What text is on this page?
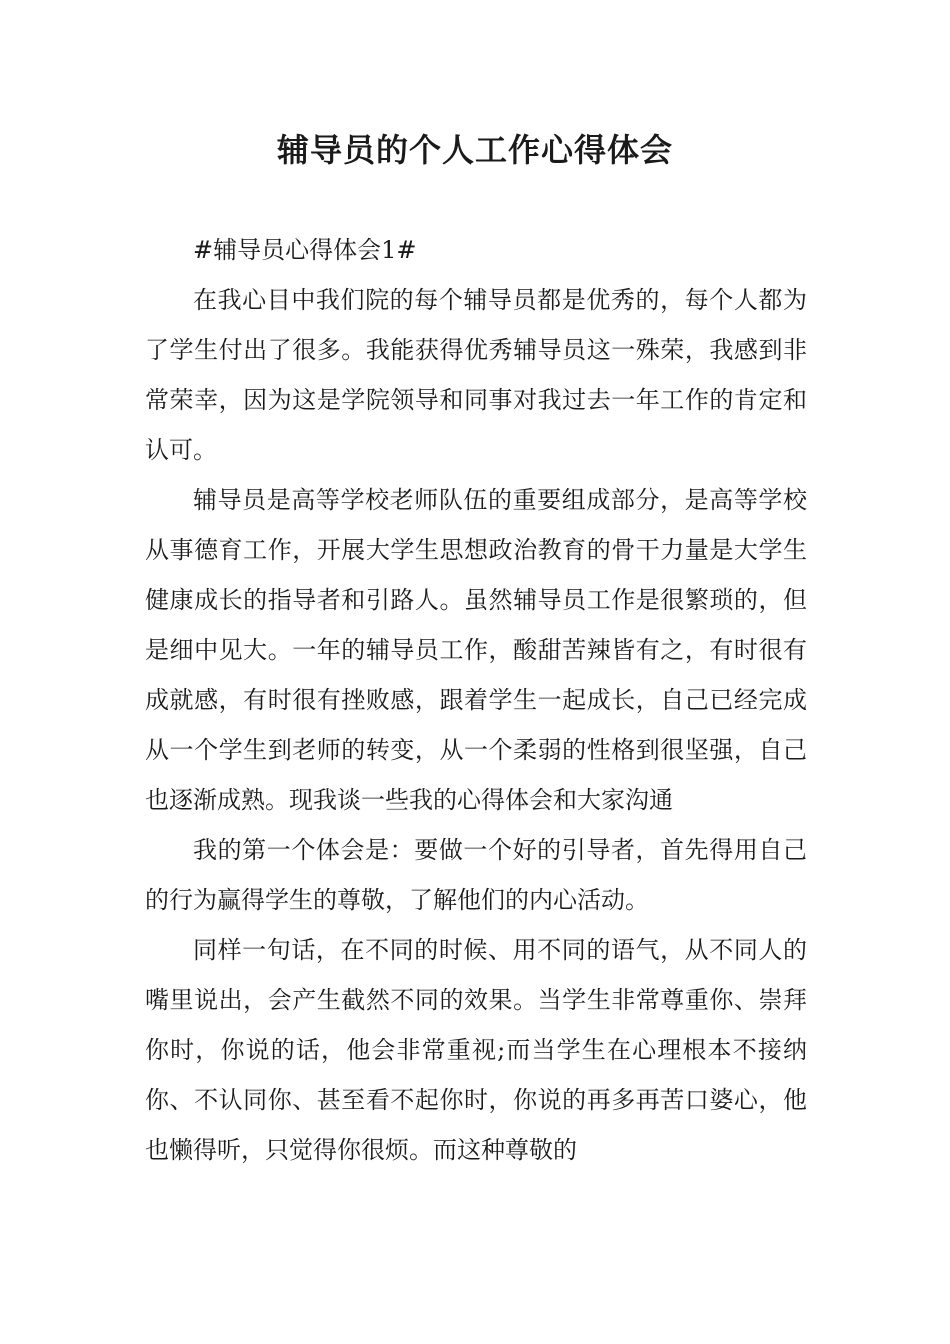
辅导员的个人工作心得体会

#辅导员心得体会1#

在我心目中我们院的每个辅导员都是优秀的，每个人都为了学生付出了很多。我能获得优秀辅导员这一殊荣，我感到非常荣幸，因为这是学院领导和同事对我过去一年工作的肯定和认可。

辅导员是高等学校老师队伍的重要组成部分，是高等学校从事德育工作，开展大学生思想政治教育的骨干力量是大学生健康成长的指导者和引路人。虽然辅导员工作是很繁琐的，但是细中见大。一年的辅导员工作，酸甜苦辣皆有之，有时很有成就感，有时很有挫败感，跟着学生一起成长，自己已经完成从一个学生到老师的转变，从一个柔弱的性格到很坚强，自己也逐渐成熟。现我谈一些我的心得体会和大家沟通

我的第一个体会是：要做一个好的引导者，首先得用自己的行为赢得学生的尊敬，了解他们的内心活动。

同样一句话，在不同的时候、用不同的语气，从不同人的嘴里说出，会产生截然不同的效果。当学生非常尊重你、崇拜你时，你说的话，他会非常重视;而当学生在心理根本不接纳你、不认同你、甚至看不起你时，你说的再多再苦口婆心，他也懒得听，只觉得你很烦。而这种尊敬的
